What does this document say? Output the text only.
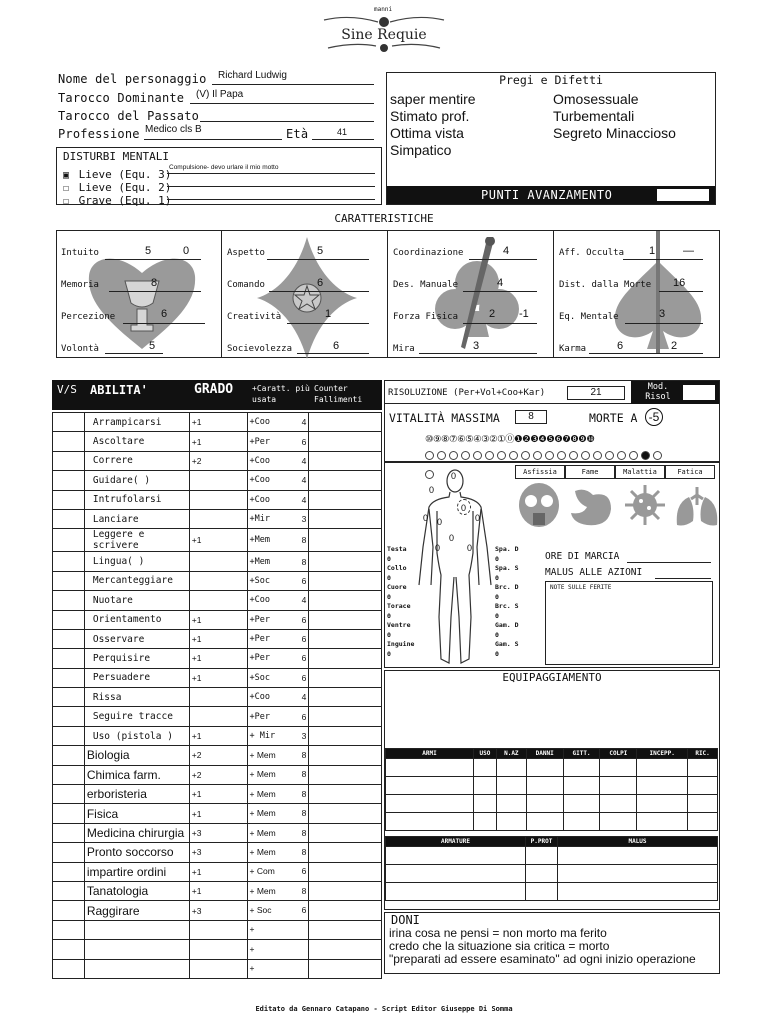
manni
Sine Requie
Nome del personaggio Richard Ludwig
Tarocco Dominante (V) Il Papa
Tarocco del Passato
Professione Medico cls B	Età	41
DISTURBI MENTALI
▣ Lieve (Equ. 3)
Compulsione- devo urlare il mio motto
☐ Lieve (Equ. 2)
☐ Grave (Equ. 1)
Pregi e Difetti
saper mentire
Stimato prof.
Ottima vista
Simpatico
Omosessuale
Turbementali
Segreto Minaccioso
PUNTI AVANZAMENTO
CARATTERISTICHE
Intuito	5	0
Memoria	8
Percezione	6
Volontà	5
Aspetto	5
Comando	6
Creatività	1
Socievolezza	6
Coordinazione	4
Des. Manuale	4
Forza Fisica	2 -1
Mira	3
Aff. Occulta 1	—
Dist. dalla Morte 16
Eq. Mentale	3
Karma	6	2
V/S ABILITA'	GRADO +Caratt. più usata
Counter Fallimenti
	Arrampicarsi	+1	+Coo 4	

	Ascoltare	+1	+Per 6	

	Correre	+2	+Coo 4	

	Guidare( )		+Coo 4	

	Intrufolarsi		+Coo 4	

	Lanciare		+Mir 3	

	Leggere e scrivere	+1	+Mem 8	

	Lingua( )		+Mem 8	

	Mercanteggiare		+Soc 6	

	Nuotare		+Coo 4	

	Orientamento	+1	+Per 6	

	Osservare	+1	+Per 6	

	Perquisire	+1	+Per 6	

	Persuadere	+1	+Soc 6	

	Rissa		+Coo 4	

	Seguire tracce		+Per 6	

	Uso (pistola )	+1	+ Mir 3	

	Biologia	+2	+ Mem 8	

	Chimica farm.	+2	+ Mem 8	

	erboristeria	+1	+ Mem 8	

	Fisica	+1	+ Mem 8	

	Medicina chirurgia	+3	+ Mem 8	

	Pronto soccorso	+3	+ Mem 8	

	impartire ordini	+1	+ Com 6	

	Tanatologia	+1	+ Mem 8	

	Raggirare	+3	+ Soc 6	

			+

			+

			+

RISOLUZIONE (Per+Vol+Coo+Kar)	21	Mod. Risol
VITALITÀ MASSIMA	8	MORTE A -5
⑩⑨⑧⑦⑥⑤④③②①⓪❶❷❸❹❺❻❼❽❾❿
Asfissia	Fame	Malattia	Fatica
0
0
0
0 0	0
0
0	0
Testa
0
Collo
0
Cuore
0
Torace
0
Ventre
0
Inguine
0
Spa. D
0
Spa. S
0
Brc. D
0
Brc. S
0
Gam. D
0
Gam. S
0
ORE DI MARCIA
MALUS ALLE AZIONI
NOTE SULLE FERITE
EQUIPAGGIAMENTO
ARMI	USO	N.AZ	DANNI	GITT.	COLPI	INCEPP.	RIC.

ARMATURE	P.PROT	MALUS

DONI
irina cosa ne pensi = non morto ma ferito
credo che la situazione sia critica = morto
"preparati ad essere esaminato" ad ogni inizio operazione
Editato da Gennaro Catapano - Script Editor Giuseppe Di Somma
